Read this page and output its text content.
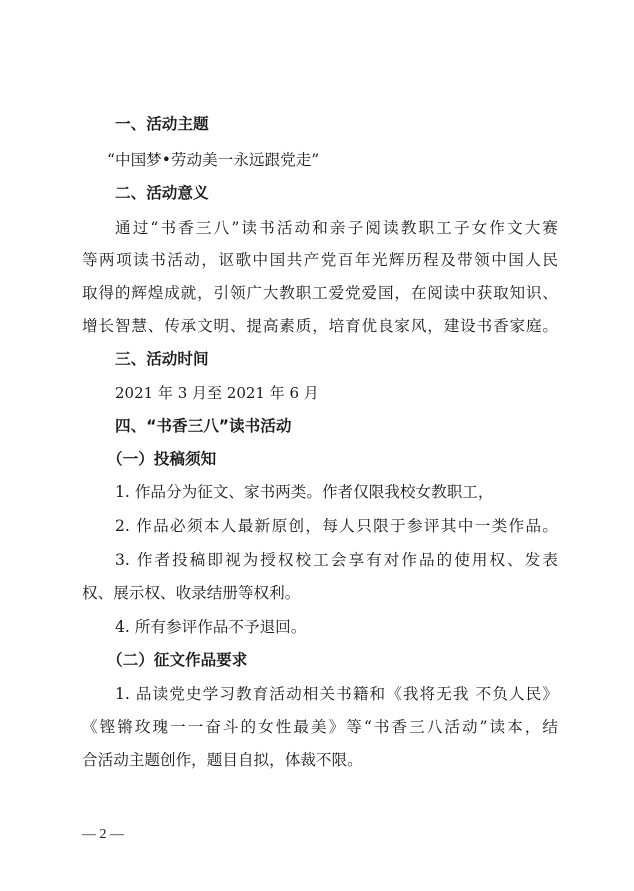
一、活动主题
“中国梦•劳动美一永远跟党走”
二、活动意义
通过“书香三八”读书活动和亲子阅读教职工子女作文大赛
等两项读书活动，讴歌中国共产党百年光辉历程及带领中国人民
取得的辉煌成就，引领广大教职工爱党爱国，在阅读中获取知识、
增长智慧、传承文明、提高素质，培育优良家风，建设书香家庭。
三、活动时间
2021 年 3 月至 2021 年 6 月
四、“书香三八”读书活动
（一）投稿须知
1. 作品分为征文、家书两类。作者仅限我校女教职工，
2. 作品必须本人最新原创，每人只限于参评其中一类作品。
3. 作者投稿即视为授权校工会享有对作品的使用权、发表
权、展示权、收录结册等权利。
4. 所有参评作品不予退回。
（二）征文作品要求
1. 品读党史学习教育活动相关书籍和《我将无我 不负人民》
《铿锵玫瑰一一奋斗的女性最美》等“书香三八活动”读本，结
合活动主题创作，题目自拟，体裁不限。
— 2 —
